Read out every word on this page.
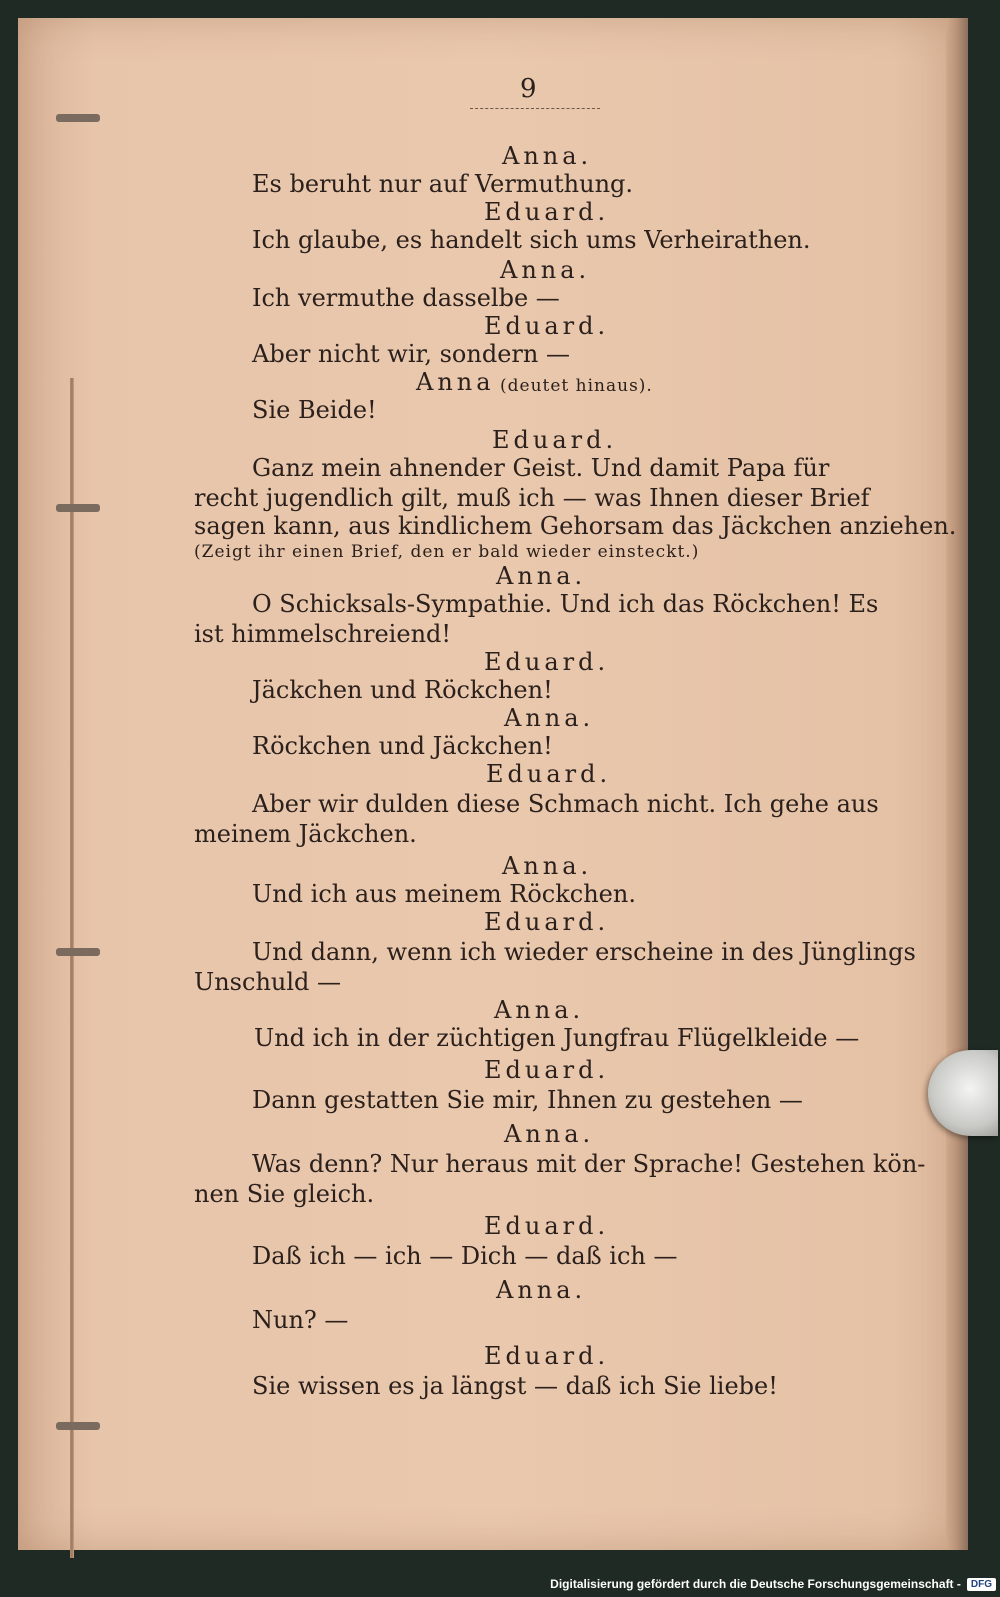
9
Anna.
Es beruht nur auf Vermuthung.
Eduard.
Ich glaube, es handelt sich ums Verheirathen.
Anna.
Ich vermuthe dasselbe —
Eduard.
Aber nicht wir, sondern —
Anna (deutet hinaus).
Sie Beide!
Eduard.
Ganz mein ahnender Geist. Und damit Papa für
recht jugendlich gilt, muß ich — was Ihnen dieser Brief
sagen kann, aus kindlichem Gehorsam das Jäckchen anziehen.
(Zeigt ihr einen Brief, den er bald wieder einsteckt.)
Anna.
O Schicksals-Sympathie. Und ich das Röckchen! Es
ist himmelschreiend!
Eduard.
Jäckchen und Röckchen!
Anna.
Röckchen und Jäckchen!
Eduard.
Aber wir dulden diese Schmach nicht. Ich gehe aus
meinem Jäckchen.
Anna.
Und ich aus meinem Röckchen.
Eduard.
Und dann, wenn ich wieder erscheine in des Jünglings
Unschuld —
Anna.
Und ich in der züchtigen Jungfrau Flügelkleide —
Eduard.
Dann gestatten Sie mir, Ihnen zu gestehen —
Anna.
Was denn? Nur heraus mit der Sprache! Gestehen kön-
nen Sie gleich.
Eduard.
Daß ich — ich — Dich — daß ich —
Anna.
Nun? —
Eduard.
Sie wissen es ja längst — daß ich Sie liebe!
Digitalisierung gefördert durch die Deutsche Forschungsgemeinschaft -	DFG
